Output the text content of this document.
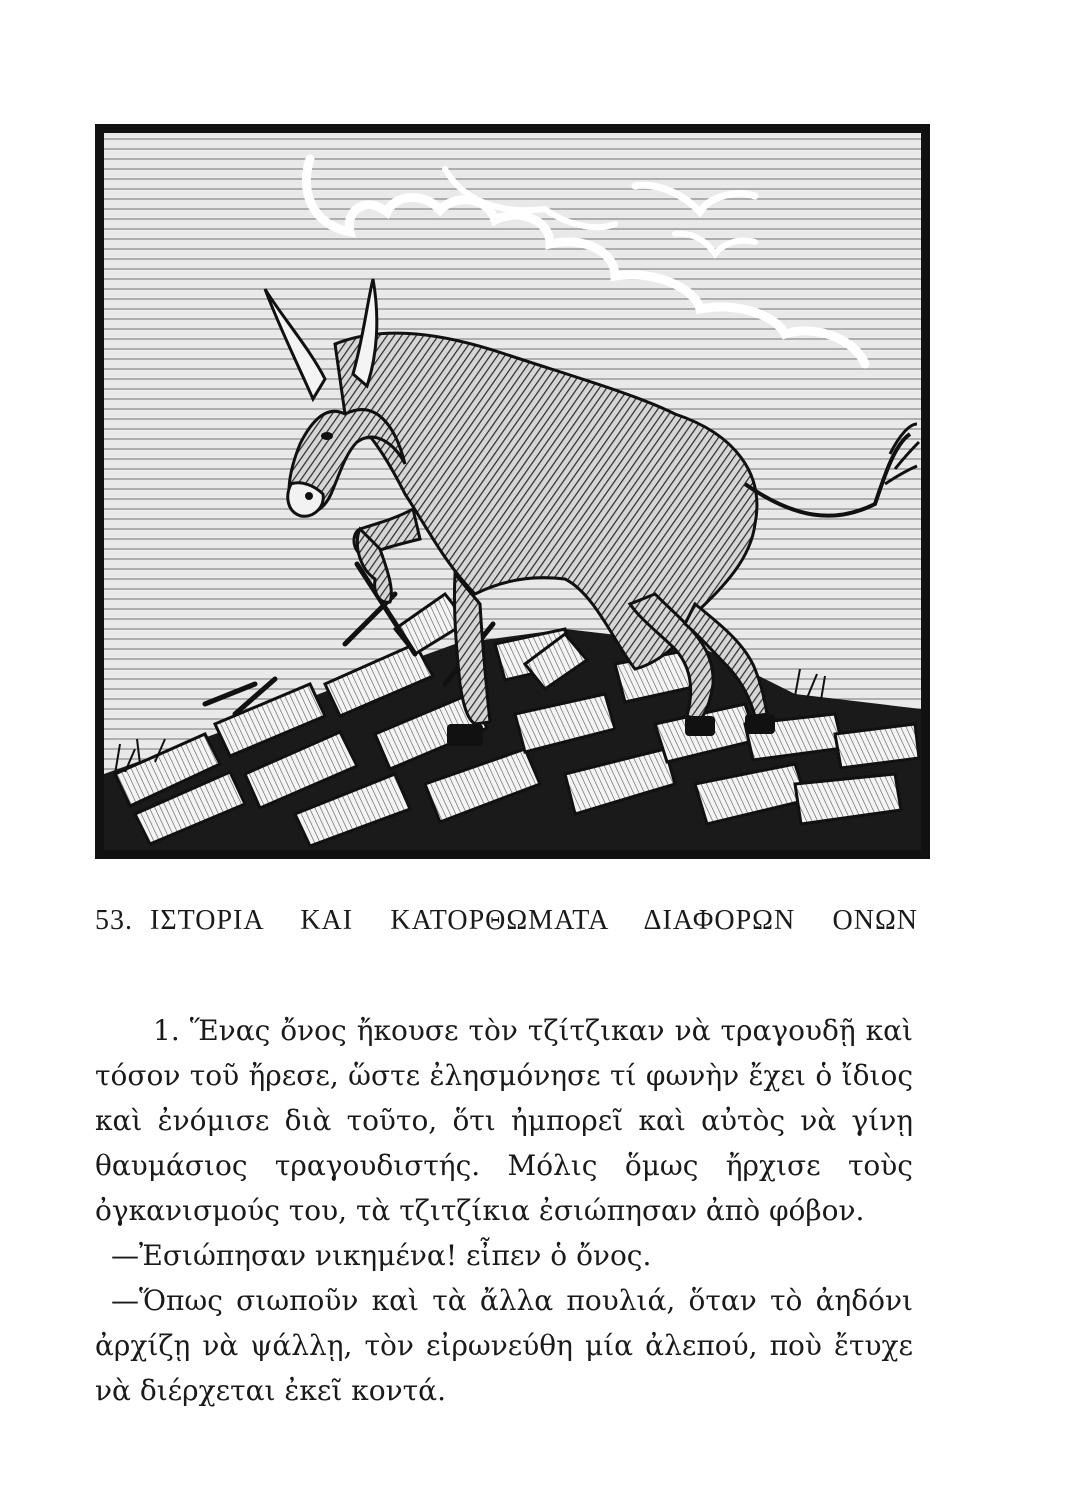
53. ΙΣΤΟΡΙΑ ΚΑΙ ΚΑΤΟΡΘΩΜΑΤΑ ΔΙΑΦΟΡΩΝ ΟΝΩΝ

1. Ἕνας ὄνος ἤκουσε τὸν τζίτζικαν νὰ τραγουδῇ καὶ τόσον τοῦ ἤρεσε, ὥστε ἐλησμόνησε τί φωνὴν ἔχει ὁ ἴδιος καὶ ἐνόμισε διὰ τοῦτο, ὅτι ἠμπορεῖ καὶ αὐτὸς νὰ γίνῃ θαυμάσιος τραγουδιστής. Μόλις ὅμως ἤρχισε τοὺς ὀγκανισμούς του, τὰ τζιτζίκια ἐσιώπησαν ἀπὸ φόβον.

—Ἐσιώπησαν νικημένα! εἶπεν ὁ ὄνος.

—Ὅπως σιωποῦν καὶ τὰ ἄλλα πουλιά, ὅταν τὸ ἀηδόνι ἀρχίζῃ νὰ ψάλλῃ, τὸν εἰρωνεύθη μία ἀλεπού, ποὺ ἔτυχε νὰ διέρχεται ἐκεῖ κοντά.
